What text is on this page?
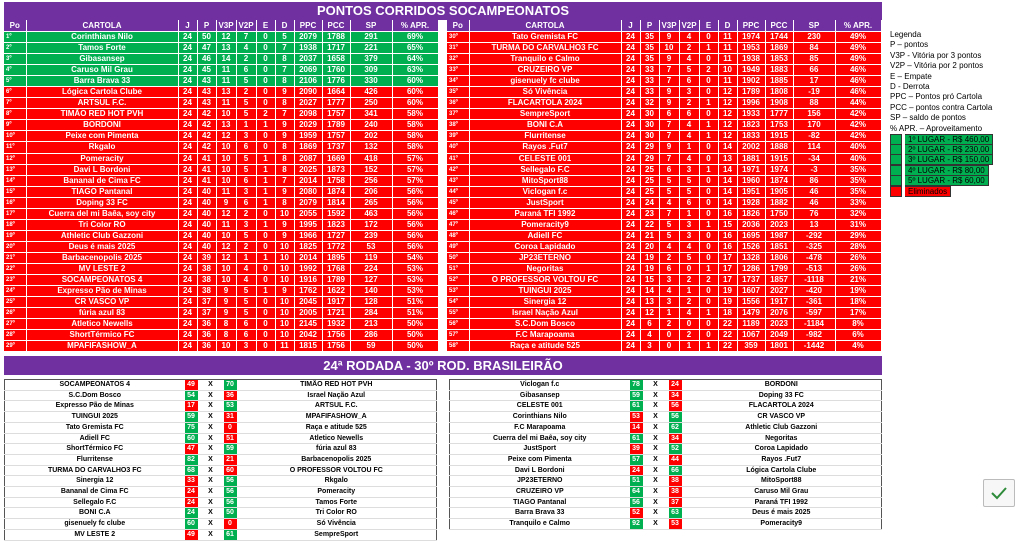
PONTOS CORRIDOS SOCAMPEONATOS
Po	CARTOLA	J	P	V3P	V2P	E	D	PPC	PCC	SP	% APR.
1º	Corinthians Nilo	24	50	12	7	0	5	2079	1788	291	69%
2º	Tamos Forte	24	47	13	4	0	7	1938	1717	221	65%
3º	Gibasansep	24	46	14	2	0	8	2037	1658	379	64%
4º	Caruso Mil Grau	24	45	11	6	0	7	2069	1760	309	63%
5º	Barra Brava 33	24	43	11	5	0	8	2106	1776	330	60%
6º	Lógica Cartola Clube	24	43	13	2	0	9	2090	1664	426	60%
7º	ARTSUL F.C.	24	43	11	5	0	8	2027	1777	250	60%
8º	TIMÃO RED HOT PVH	24	42	10	5	2	7	2098	1757	341	58%
9º	BORDONI	24	42	13	1	1	9	2029	1789	240	58%
10º	Peixe com Pimenta	24	42	12	3	0	9	1959	1757	202	58%
11º	Rkgalo	24	42	10	6	0	8	1869	1737	132	58%
12º	Pomeracity	24	41	10	5	1	8	2087	1669	418	57%
13º	Davi L Bordoni	24	41	10	5	1	8	2025	1873	152	57%
14º	Bananal de Cima FC	24	41	10	6	1	7	2014	1758	256	57%
15º	TIAGO Pantanal	24	40	11	3	1	9	2080	1874	206	56%
16º	Doping 33 FC	24	40	9	6	1	8	2079	1814	265	56%
17º	Cuerra del mi Baêa, soy city	24	40	12	2	0	10	2055	1592	463	56%
18º	Tri Color RO	24	40	11	3	1	9	1995	1823	172	56%
19º	Athletic Club Gazzoni	24	40	10	5	0	9	1966	1727	239	56%
20º	Deus é mais 2025	24	40	12	2	0	10	1825	1772	53	56%
21º	Barbacenopolis 2025	24	39	12	1	1	10	2014	1895	119	54%
22º	MV LESTE 2	24	38	10	4	0	10	1992	1768	224	53%
23º	SOCAMPEONATOS 4	24	38	10	4	0	10	1916	1789	127	53%
24º	Expresso Pão de Minas	24	38	9	5	1	9	1762	1622	140	53%
25º	CR VASCO VP	24	37	9	5	0	10	2045	1917	128	51%
26º	fúria azul 83	24	37	9	5	0	10	2005	1721	284	51%
27º	Atletico Newells	24	36	8	6	0	10	2145	1932	213	50%
28º	ShortTérmico FC	24	36	8	6	0	10	2042	1756	286	50%
29º	MPAFIFASHOW_A	24	36	10	3	0	11	1815	1756	59	50%
Po	CARTOLA	J	P	V3P	V2P	E	D	PPC	PCC	SP	% APR.
30º	Tato Gremista FC	24	35	9	4	0	11	1974	1744	230	49%
31º	TURMA DO CARVALHO3 FC	24	35	10	2	1	11	1953	1869	84	49%
32º	Tranquilo e Calmo	24	35	9	4	0	11	1938	1853	85	49%
33º	CRUZEIRO VP	24	33	7	5	2	10	1949	1883	66	46%
34º	gisenuely fc clube	24	33	7	6	0	11	1902	1885	17	46%
35º	Só Vivência	24	33	9	3	0	12	1789	1808	-19	46%
36º	FLACARTOLA 2024	24	32	9	2	1	12	1996	1908	88	44%
37º	SempreSport	24	30	6	6	0	12	1933	1777	156	42%
38º	BONI C.A	24	30	7	4	1	12	1823	1753	170	42%
39º	Flurritense	24	30	7	4	1	12	1833	1915	-82	42%
40º	Rayos .Fut7	24	29	9	1	0	14	2002	1888	114	40%
41º	CELESTE 001	24	29	7	4	0	13	1881	1915	-34	40%
42º	Sellegalo F.C	24	25	6	3	1	14	1971	1974	-3	35%
43º	MitoSport88	24	25	5	5	0	14	1960	1874	86	35%
44º	Viclogan f.c	24	25	5	5	0	14	1951	1905	46	35%
45º	JustSport	24	24	4	6	0	14	1928	1882	46	33%
46º	Paraná TFI 1992	24	23	7	1	0	16	1826	1750	76	32%
47º	Pomeracity9	24	22	5	3	1	15	2036	2023	13	31%
48º	Adiell FC	24	21	5	3	0	16	1695	1987	-292	29%
49º	Coroa Lapidado	24	20	4	4	0	16	1526	1851	-325	28%
50º	JP23ETERNO	24	19	2	5	0	17	1328	1806	-478	26%
51º	Negoritas	24	19	6	0	1	17	1286	1799	-513	26%
52º	O PROFESSOR VOLTOU FC	24	15	3	2	2	17	1737	1857	-1118	21%
53º	TUINGUI 2025	24	14	4	1	0	19	1607	2027	-420	19%
54º	Sinergia 12	24	13	3	2	0	19	1556	1917	-361	18%
55º	Israel Nação Azul	24	12	1	4	1	18	1479	2076	-597	17%
56º	S.C.Dom Bosco	24	6	2	0	0	22	1189	2023	-1184	8%
57º	F.C Marapoama	24	4	0	2	0	22	1067	2049	-982	6%
58º	Raça e atitude 525	24	3	0	1	1	22	359	1801	-1442	4%
Legenda
P – pontos
V3P - Vitória por 3 pontos
V2P – Vitória por 2 pontos
E – Empate
D - Derrota
PPC – Pontos pró Cartola
PCC – pontos contra Cartola
SP – saldo de pontos
% APR. – Aproveitamento
1º LUGAR - R$ 460,00
2º LUGAR - R$ 230,00
3º LUGAR - R$ 150,00
4º LUGAR - R$ 80,00
5º LUGAR - R$ 60,00
Eliminados
24ª RODADA - 30º ROD. BRASILEIRÃO
SOCAMPEONATOS 4	49	X	70	TIMÃO RED HOT PVH
S.C.Dom Bosco	54	X	36	Israel Nação Azul
Expresso Pão de Minas	17	X	53	ARTSUL F.C.
TUINGUI 2025	59	X	31	MPAFIFASHOW_A
Tato Gremista FC	75	X	0	Raça e atitude 525
Adiell FC	60	X	51	Atletico Newells
ShortTérmico FC	47	X	59	fúria azul 83
Flurritense	82	X	21	Barbacenopolis 2025
TURMA DO CARVALHO3 FC	68	X	60	O PROFESSOR VOLTOU FC
Sinergia 12	33	X	56	Rkgalo
Bananal de Cima FC	24	X	56	Pomeracity
Sellegalo F.C	24	X	56	Tamos Forte
BONI C.A	24	X	50	Tri Color RO
gisenuely fc clube	60	X	0	Só Vivência
MV LESTE 2	49	X	61	SempreSport
Viclogan f.c	78	X	24	BORDONI
Gibasansep	59	X	34	Doping 33 FC
CELESTE 001	61	X	56	FLACARTOLA 2024
Corinthians Nilo	53	X	56	CR VASCO VP
F.C Marapoama	14	X	62	Athletic Club Gazzoni
Cuerra del mi Baêa, soy city	61	X	34	Negoritas
JustSport	39	X	52	Coroa Lapidado
Peixe com Pimenta	57	X	44	Rayos .Fut7
Davi L Bordoni	24	X	66	Lógica Cartola Clube
JP23ETERNO	51	X	38	MitoSport88
CRUZEIRO VP	64	X	38	Caruso Mil Grau
TIAGO Pantanal	56	X	37	Paraná TFI 1992
Barra Brava 33	52	X	63	Deus é mais 2025
Tranquilo e Calmo	92	X	53	Pomeracity9
